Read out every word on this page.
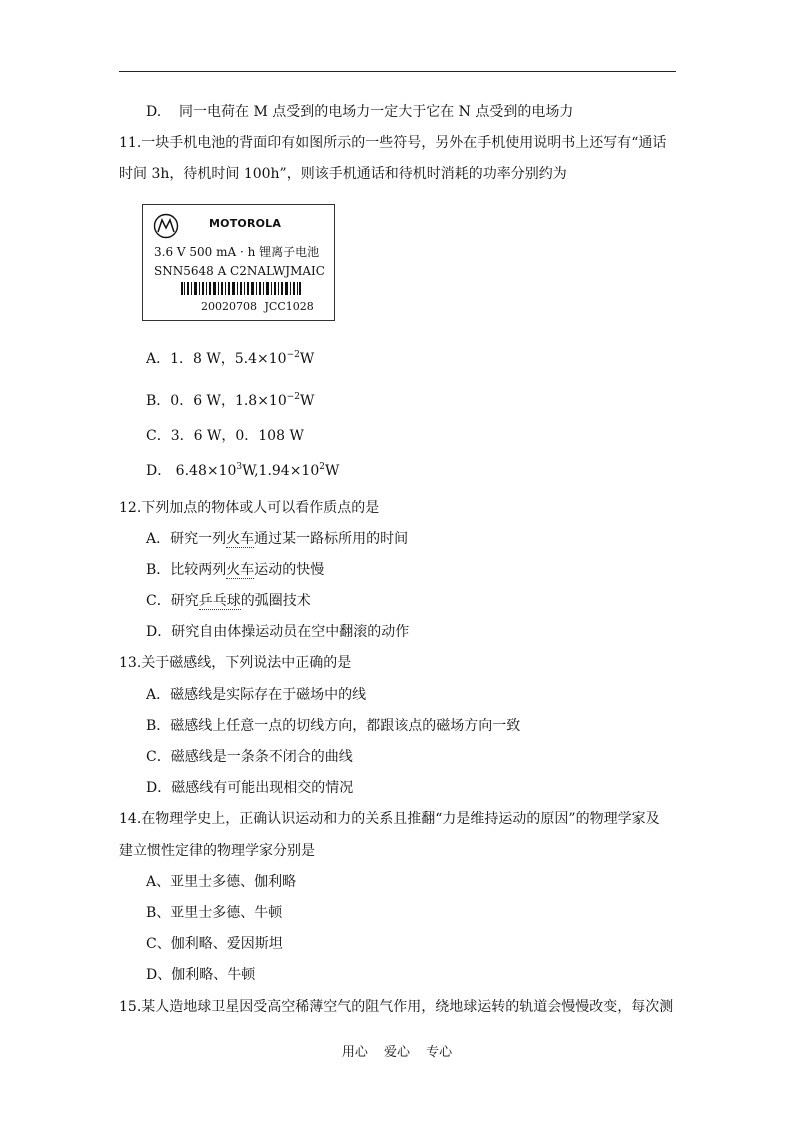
D. 同一电荷在 M 点受到的电场力一定大于它在 N 点受到的电场力
11.一块手机电池的背面印有如图所示的一些符号，另外在手机使用说明书上还写有“通话
时间 3h，待机时间 100h”，则该手机通话和待机时消耗的功率分别约为
MOTOROLA
3.6 V 500 mA · h 锂离子电池
SNN5648 A C2NALWJMAIC
20020708 JCC1028
A．1．8 W，$5.4\times 10^{-2}W$
B．0．6 W，$1.8\times 10^{-2}W$
C．3．6 W，0．108 W
D． $6.48\times 10^3W,1.94\times 10^2W$
12.下列加点的物体或人可以看作质点的是
A．研究一列火车通过某一路标所用的时间
B．比较两列火车运动的快慢
C．研究乒乓球的弧圈技术
D．研究自由体操运动员在空中翻滚的动作
13.关于磁感线，下列说法中正确的是
A．磁感线是实际存在于磁场中的线
B．磁感线上任意一点的切线方向，都跟该点的磁场方向一致
C．磁感线是一条条不闭合的曲线
D．磁感线有可能出现相交的情况
14.在物理学史上，正确认识运动和力的关系且推翻“力是维持运动的原因”的物理学家及
建立惯性定律的物理学家分别是
A、亚里士多德、伽利略
B、亚里士多德、牛顿
C、伽利略、爱因斯坦
D、伽利略、牛顿
15.某人造地球卫星因受高空稀薄空气的阻气作用，绕地球运转的轨道会慢慢改变，每次测
用心 爱心 专心
